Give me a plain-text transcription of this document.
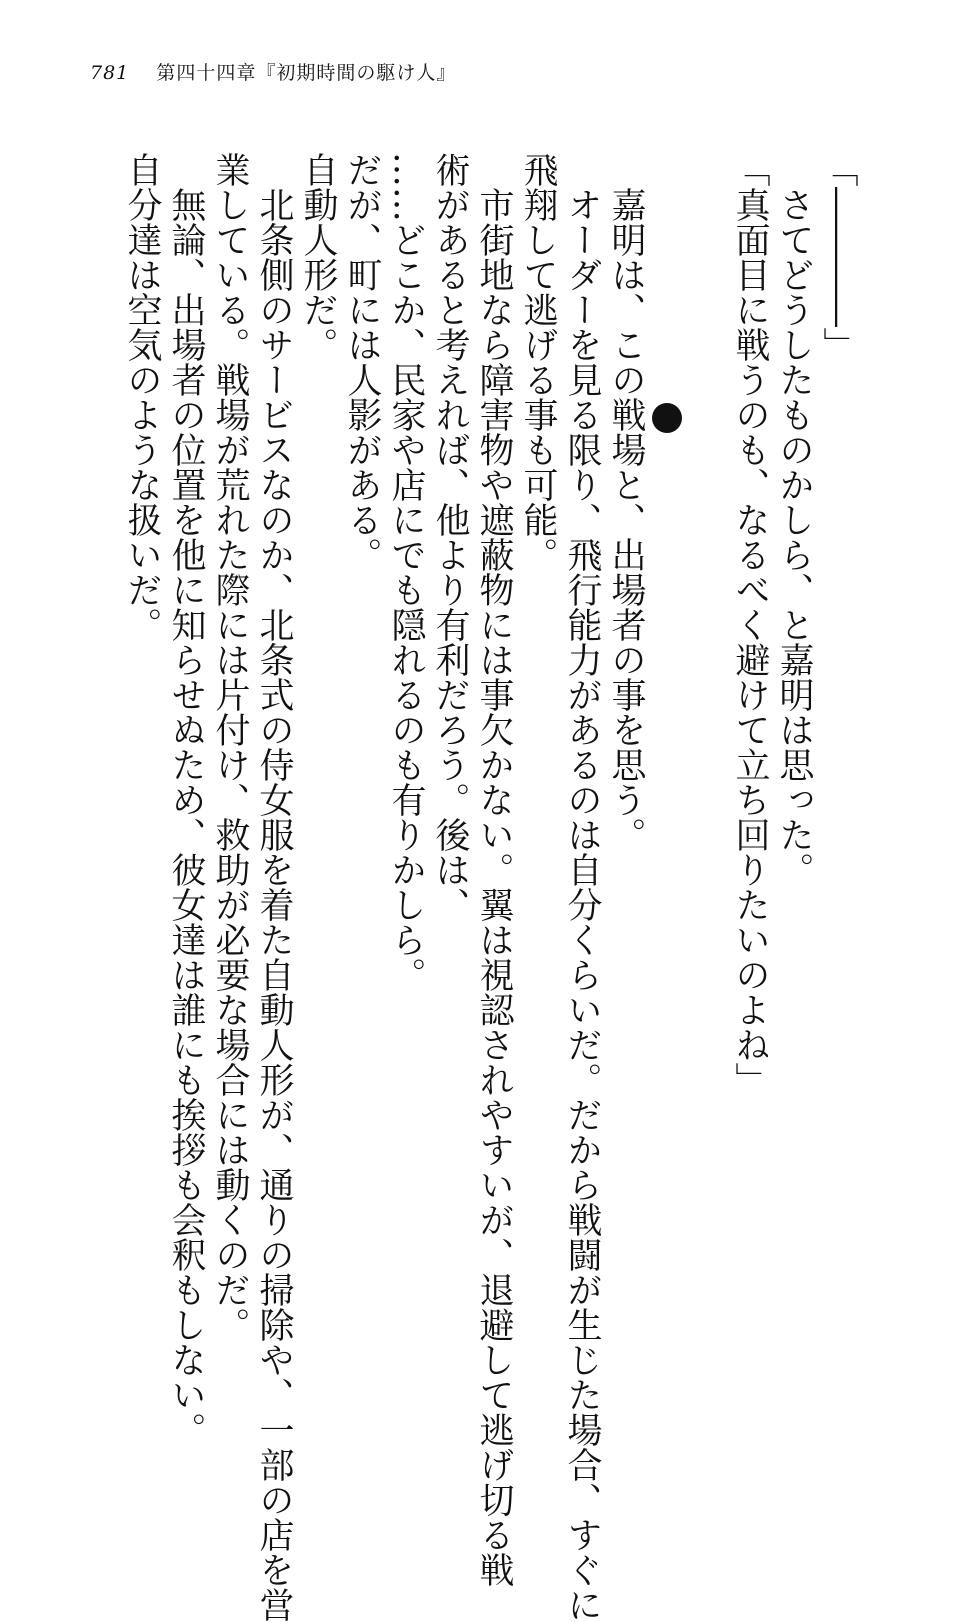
781 第四十四章『初期時間の駆け人』
「――――」
　さてどうしたものかしら、と嘉明は思った。
「真面目に戦うのも、なるべく避けて立ち回りたいのよね」
　嘉明は、この戦場と、出場者の事を思う。
　オーダーを見る限り、飛行能力があるのは自分くらいだ。だから戦闘が生じた場合、すぐに
飛翔して逃げる事も可能。
　市街地なら障害物や遮蔽物には事欠かない。翼は視認されやすいが、退避して逃げ切る戦
術があると考えれば、他より有利だろう。後は、
……どこか、民家や店にでも隠れるのも有りかしら。
だが、町には人影がある。
自動人形だ。
　北条側のサービスなのか、北条式の侍女服を着た自動人形が、通りの掃除や、一部の店を営
業している。戦場が荒れた際には片付け、救助が必要な場合には動くのだ。
　無論、出場者の位置を他に知らせぬため、彼女達は誰にも挨拶も会釈もしない。
自分達は空気のような扱いだ。
